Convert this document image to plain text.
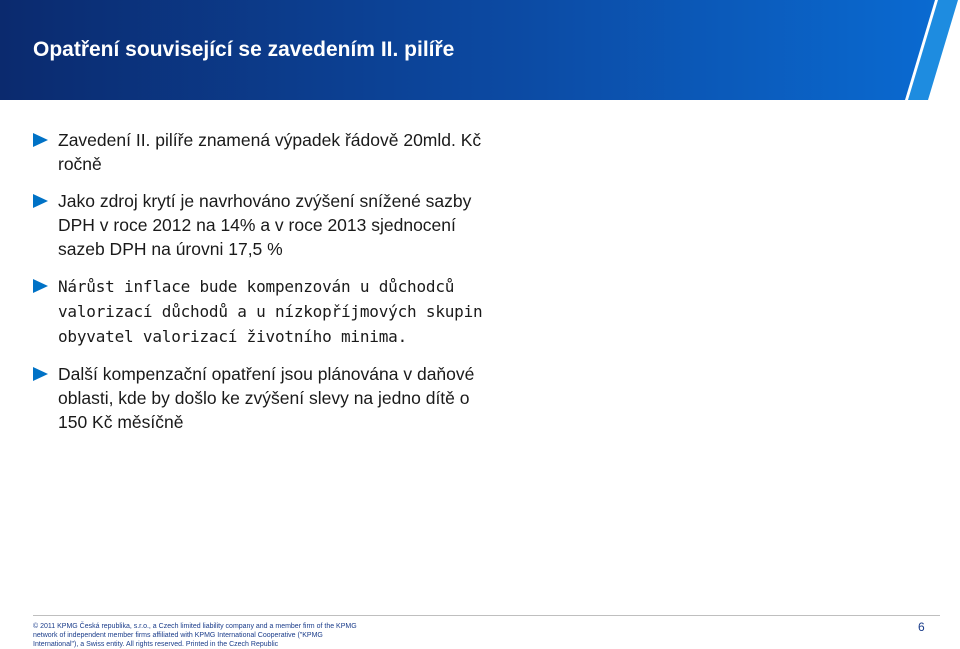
Opatření související se zavedením II. pilíře
Zavedení II. pilíře znamená výpadek řádově 20mld. Kč ročně
Jako zdroj krytí je navrhováno zvýšení snížené sazby DPH v roce 2012 na 14% a v roce 2013 sjednocení sazeb DPH na úrovni 17,5 %
Nárůst inflace bude kompenzován u důchodců valorizací důchodů a u nízkopříjmových skupin obyvatel valorizací životního minima.
Další kompenzační opatření jsou plánována v daňové oblasti, kde by došlo ke zvýšení slevy na jedno dítě o 150 Kč měsíčně
© 2011 KPMG Česká republika, s.r.o., a Czech limited liability company and a member firm of the KPMG network of independent member firms affiliated with KPMG International Cooperative ("KPMG International"), a Swiss entity. All rights reserved. Printed in the Czech Republic
6
